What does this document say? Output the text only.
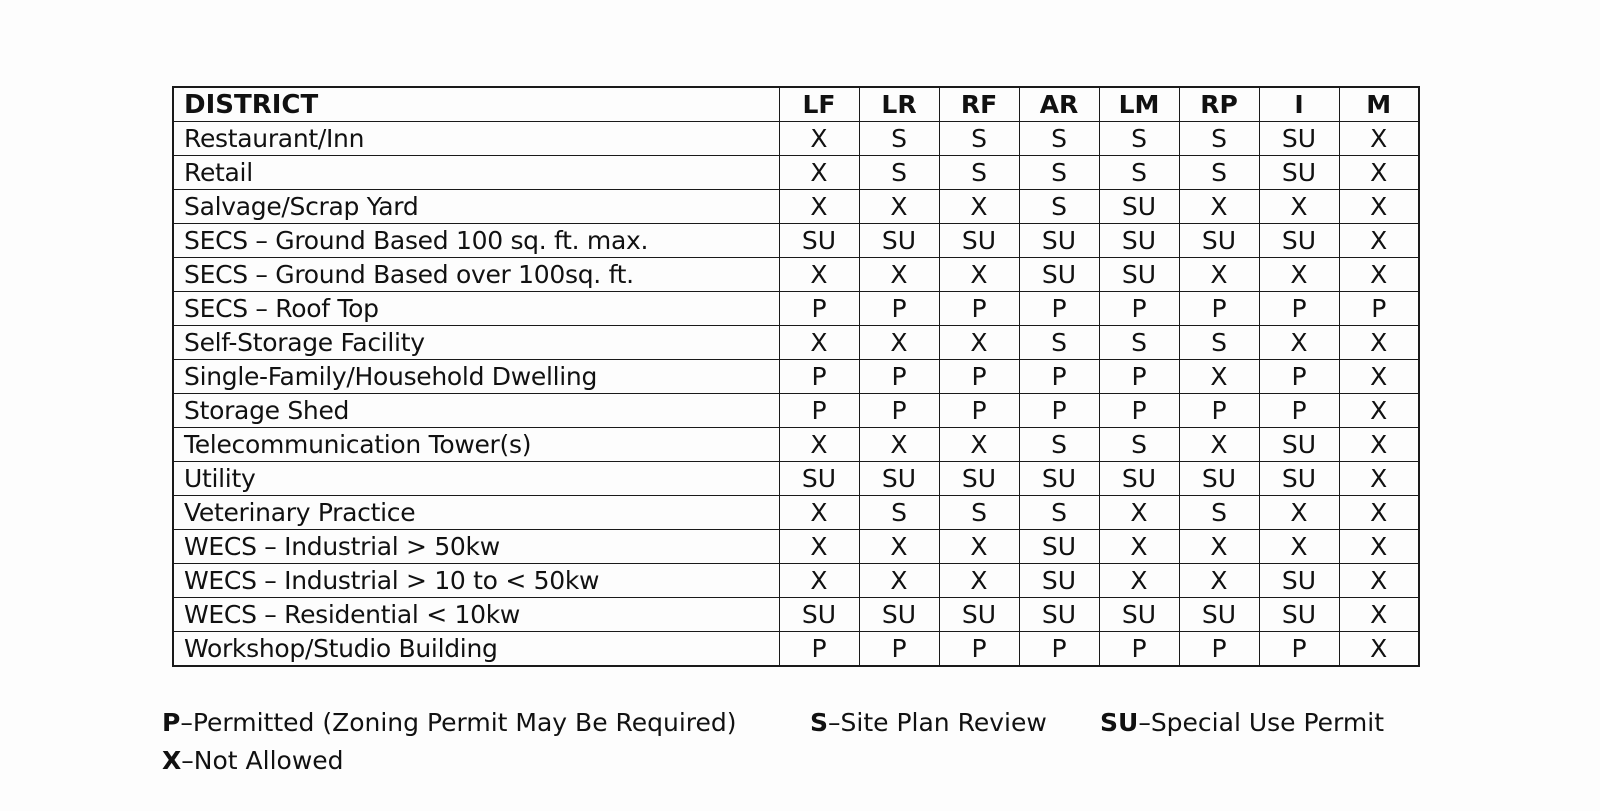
DISTRICT	LF	LR	RF	AR	LM	RP	I	M
Restaurant/Inn	X	S	S	S	S	S	SU	X
Retail	X	S	S	S	S	S	SU	X
Salvage/Scrap Yard	X	X	X	S	SU	X	X	X
SECS – Ground Based 100 sq. ft. max.	SU	SU	SU	SU	SU	SU	SU	X
SECS – Ground Based over 100sq. ft.	X	X	X	SU	SU	X	X	X
SECS – Roof Top	P	P	P	P	P	P	P	P
Self-Storage Facility	X	X	X	S	S	S	X	X
Single-Family/Household Dwelling	P	P	P	P	P	X	P	X
Storage Shed	P	P	P	P	P	P	P	X
Telecommunication Tower(s)	X	X	X	S	S	X	SU	X
Utility	SU	SU	SU	SU	SU	SU	SU	X
Veterinary Practice	X	S	S	S	X	S	X	X
WECS – Industrial > 50kw	X	X	X	SU	X	X	X	X
WECS – Industrial > 10 to < 50kw	X	X	X	SU	X	X	SU	X
WECS – Residential < 10kw	SU	SU	SU	SU	SU	SU	SU	X
Workshop/Studio Building	P	P	P	P	P	P	P	X
P–Permitted (Zoning Permit May Be Required)	S–Site Plan Review SU–Special Use Permit
X–Not Allowed
